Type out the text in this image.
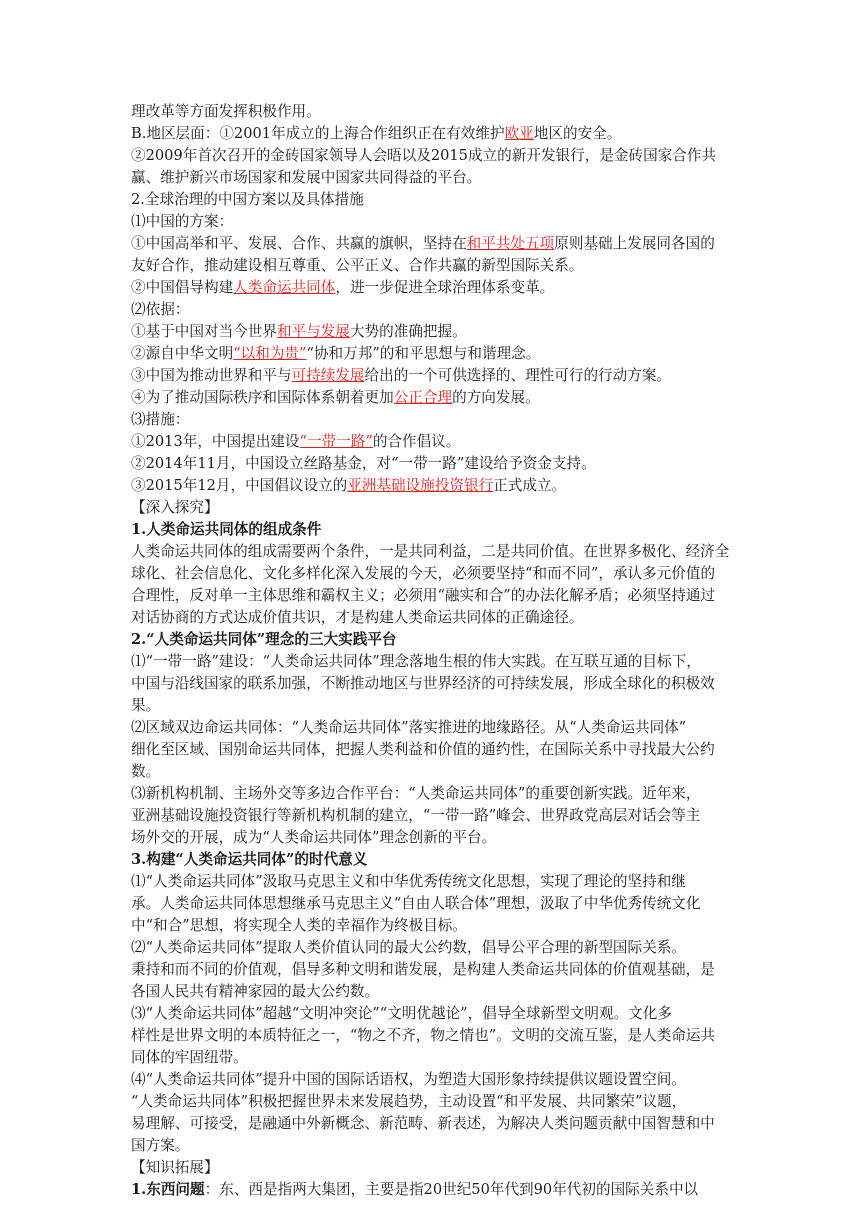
理改革等方面发挥积极作用。
B.地区层面：①2001年成立的上海合作组织正在有效维护欧亚地区的安全。
②2009年首次召开的金砖国家领导人会晤以及2015成立的新开发银行，是金砖国家合作共
赢、维护新兴市场国家和发展中国家共同得益的平台。
2.全球治理的中国方案以及具体措施
⑴中国的方案：
①中国高举和平、发展、合作、共赢的旗帜，坚持在和平共处五项原则基础上发展同各国的
友好合作，推动建设相互尊重、公平正义、合作共赢的新型国际关系。
②中国倡导构建人类命运共同体，进一步促进全球治理体系变革。
⑵依据：
①基于中国对当今世界和平与发展大势的准确把握。
②源自中华文明“以和为贵”“协和万邦”的和平思想与和谐理念。
③中国为推动世界和平与可持续发展给出的一个可供选择的、理性可行的行动方案。
④为了推动国际秩序和国际体系朝着更加公正合理的方向发展。
⑶措施：
①2013年，中国提出建设“一带一路”的合作倡议。
②2014年11月，中国设立丝路基金，对“一带一路”建设给予资金支持。
③2015年12月，中国倡议设立的亚洲基础设施投资银行正式成立。
【深入探究】
1.人类命运共同体的组成条件
人类命运共同体的组成需要两个条件，一是共同利益，二是共同价值。在世界多极化、经济全
球化、社会信息化、文化多样化深入发展的今天，必须要坚持“和而不同”，承认多元价值的
合理性，反对单一主体思维和霸权主义；必须用“融实和合”的办法化解矛盾；必须坚持通过
对话协商的方式达成价值共识，才是构建人类命运共同体的正确途径。
2.“人类命运共同体”理念的三大实践平台
⑴“一带一路”建设：“人类命运共同体”理念落地生根的伟大实践。在互联互通的目标下，
中国与沿线国家的联系加强，不断推动地区与世界经济的可持续发展，形成全球化的积极效
果。
⑵区域双边命运共同体：“人类命运共同体”落实推进的地缘路径。从“人类命运共同体”
细化至区域、国别命运共同体，把握人类利益和价值的通约性，在国际关系中寻找最大公约
数。
⑶新机构机制、主场外交等多边合作平台：“人类命运共同体”的重要创新实践。近年来，
亚洲基础设施投资银行等新机构机制的建立，“一带一路”峰会、世界政党高层对话会等主
场外交的开展，成为“人类命运共同体”理念创新的平台。
3.构建“人类命运共同体”的时代意义
⑴“人类命运共同体”汲取马克思主义和中华优秀传统文化思想，实现了理论的坚持和继
承。人类命运共同体思想继承马克思主义“自由人联合体”理想，汲取了中华优秀传统文化
中“和合”思想，将实现全人类的幸福作为终极目标。
⑵“人类命运共同体”提取人类价值认同的最大公约数，倡导公平合理的新型国际关系。
秉持和而不同的价值观，倡导多种文明和谐发展，是构建人类命运共同体的价值观基础，是
各国人民共有精神家园的最大公约数。
⑶“人类命运共同体”超越“文明冲突论”“文明优越论”，倡导全球新型文明观。文化多
样性是世界文明的本质特征之一，“物之不齐，物之情也”。文明的交流互鉴，是人类命运共
同体的牢固纽带。
⑷“人类命运共同体”提升中国的国际话语权，为塑造大国形象持续提供议题设置空间。
“人类命运共同体”积极把握世界未来发展趋势，主动设置“和平发展、共同繁荣”议题，
易理解、可接受，是融通中外新概念、新范畴、新表述，为解决人类问题贡献中国智慧和中
国方案。
【知识拓展】
1.东西问题：东、西是指两大集团，主要是指20世纪50年代到90年代初的国际关系中以
